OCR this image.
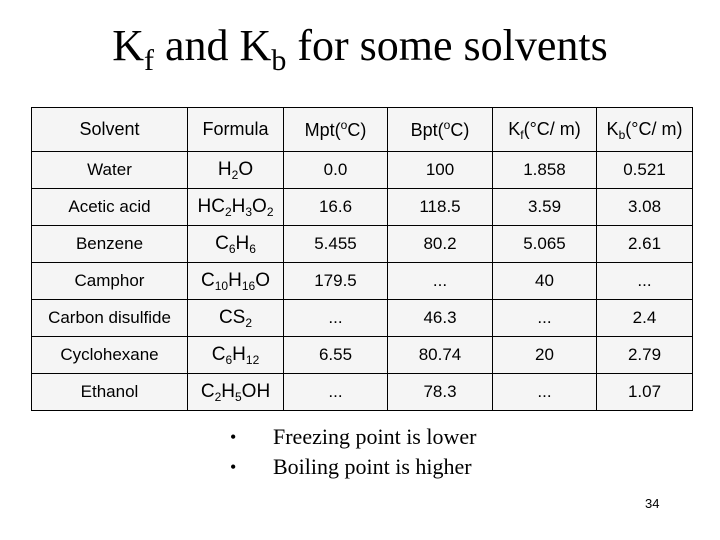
$K_f$ and $K_b$ for some solvents
Solvent	Formula	Mpt($^o$C)	Bpt($^o$C)	$K_f(^\circ C/$ m)	$K_b(^\circ C/$ m)
Water	$H_2O$	0.0	100	1.858	0.521
Acetic acid	$HC_2H_3O_2$	16.6	118.5	3.59	3.08
Benzene	$C_6H_6$	5.455	80.2	5.065	2.61
Camphor	$C_{10}H_{16}O$	179.5	...	40	...
Carbon disulfide	$CS_2$	...	46.3	...	2.4
Cyclohexane	$C_6H_{12}$	6.55	80.74	20	2.79
Ethanol	$C_2H_5OH$	...	78.3	...	1.07
• Freezing point is lower
• Boiling point is higher
34
